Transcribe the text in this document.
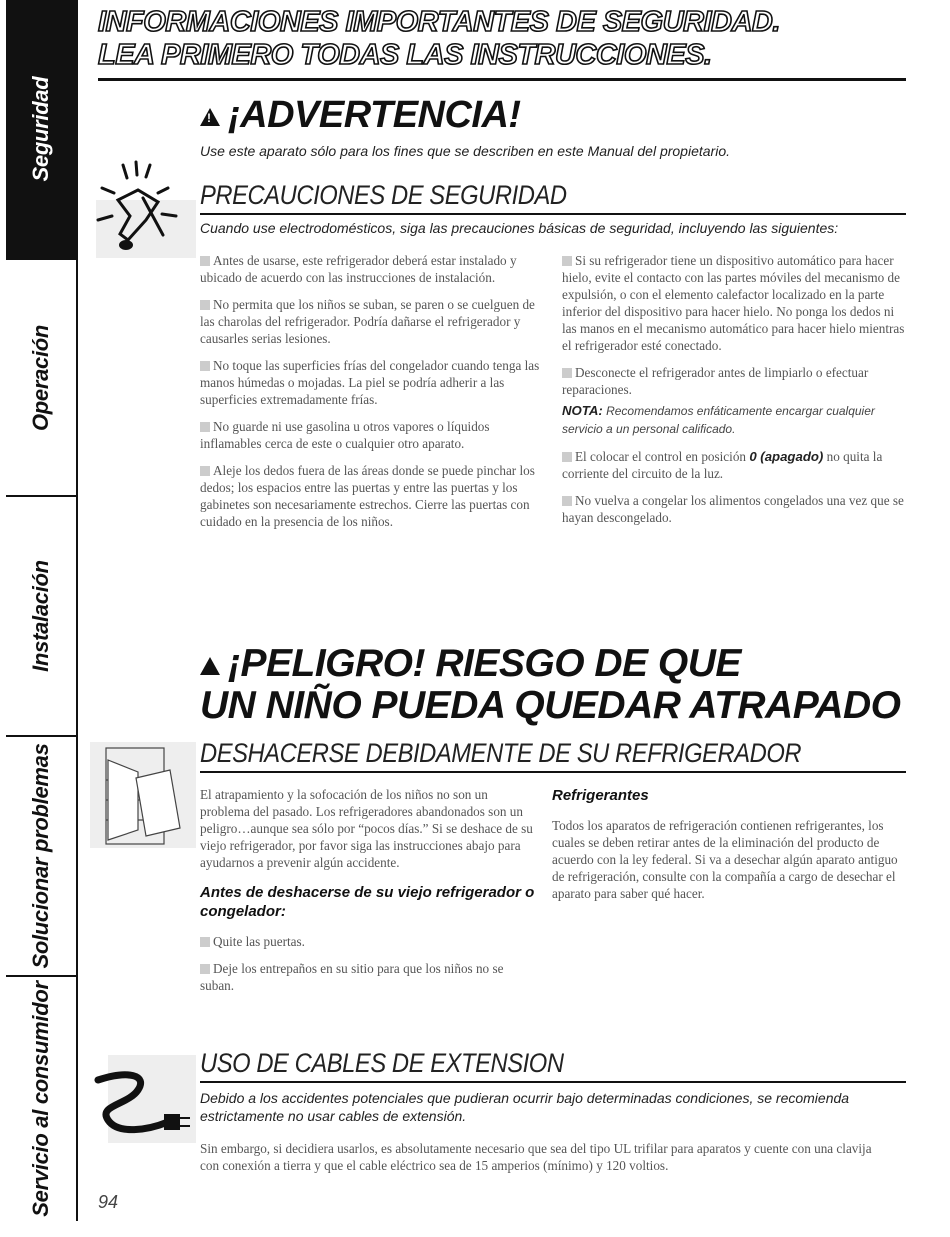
Seguridad
Operación
Instalación
Solucionar problemas
Servicio al consumidor
INFORMACIONES IMPORTANTES DE SEGURIDAD.
LEA PRIMERO TODAS LAS INSTRUCCIONES.
!¡ADVERTENCIA!
Use este aparato sólo para los fines que se describen en este Manual del propietario.
PRECAUCIONES DE SEGURIDAD
Cuando use electrodomésticos, siga las precauciones básicas de seguridad, incluyendo las siguientes:

Antes de usarse, este refrigerador deberá estar instalado y ubicado de acuerdo con las instrucciones de instalación.

No permita que los niños se suban, se paren o se cuelguen de las charolas del refrigerador. Podría dañarse el refrigerador y causarles serias lesiones.

No toque las superficies frías del congelador cuando tenga las manos húmedas o mojadas. La piel se podría adherir a las superficies extremadamente frías.

No guarde ni use gasolina u otros vapores o líquidos inflamables cerca de este o cualquier otro aparato.

Aleje los dedos fuera de las áreas donde se puede pinchar los dedos; los espacios entre las puertas y entre las puertas y los gabinetes son necesariamente estrechos. Cierre las puertas con cuidado en la presencia de los niños.

Si su refrigerador tiene un dispositivo automático para hacer hielo, evite el contacto con las partes móviles del mecanismo de expulsión, o con el elemento calefactor localizado en la parte inferior del dispositivo para hacer hielo. No ponga los dedos ni las manos en el mecanismo automático para hacer hielo mientras el refrigerador esté conectado.

Desconecte el refrigerador antes de limpiarlo o efectuar reparaciones.

NOTA: Recomendamos enfáticamente encargar cualquier servicio a un personal calificado.

El colocar el control en posición 0 (apagado) no quita la corriente del circuito de la luz.

No vuelva a congelar los alimentos congelados una vez que se hayan descongelado.

!¡PELIGRO! RIESGO DE QUE
UN NIÑO PUEDA QUEDAR ATRAPADO
DESHACERSE DEBIDAMENTE DE SU REFRIGERADOR

El atrapamiento y la sofocación de los niños no son un problema del pasado. Los refrigeradores abandonados son un peligro…aunque sea sólo por “pocos días.” Si se deshace de su viejo refrigerador, por favor siga las instrucciones abajo para ayudarnos a prevenir algún accidente.

Antes de deshacerse de su viejo refrigerador o congelador:

Quite las puertas.

Deje los entrepaños en su sitio para que los niños no se suban.

Refrigerantes

Todos los aparatos de refrigeración contienen refrigerantes, los cuales se deben retirar antes de la eliminación del producto de acuerdo con la ley federal. Si va a desechar algún aparato antiguo de refrigeración, consulte con la compañía a cargo de desechar el aparato para saber qué hacer.

USO DE CABLES DE EXTENSION
Debido a los accidentes potenciales que pudieran ocurrir bajo determinadas condiciones, se recomienda estrictamente no usar cables de extensión.
Sin embargo, si decidiera usarlos, es absolutamente necesario que sea del tipo UL trifilar para aparatos y cuente con una clavija con conexión a tierra y que el cable eléctrico sea de 15 amperios (mínimo) y 120 voltios.
94
